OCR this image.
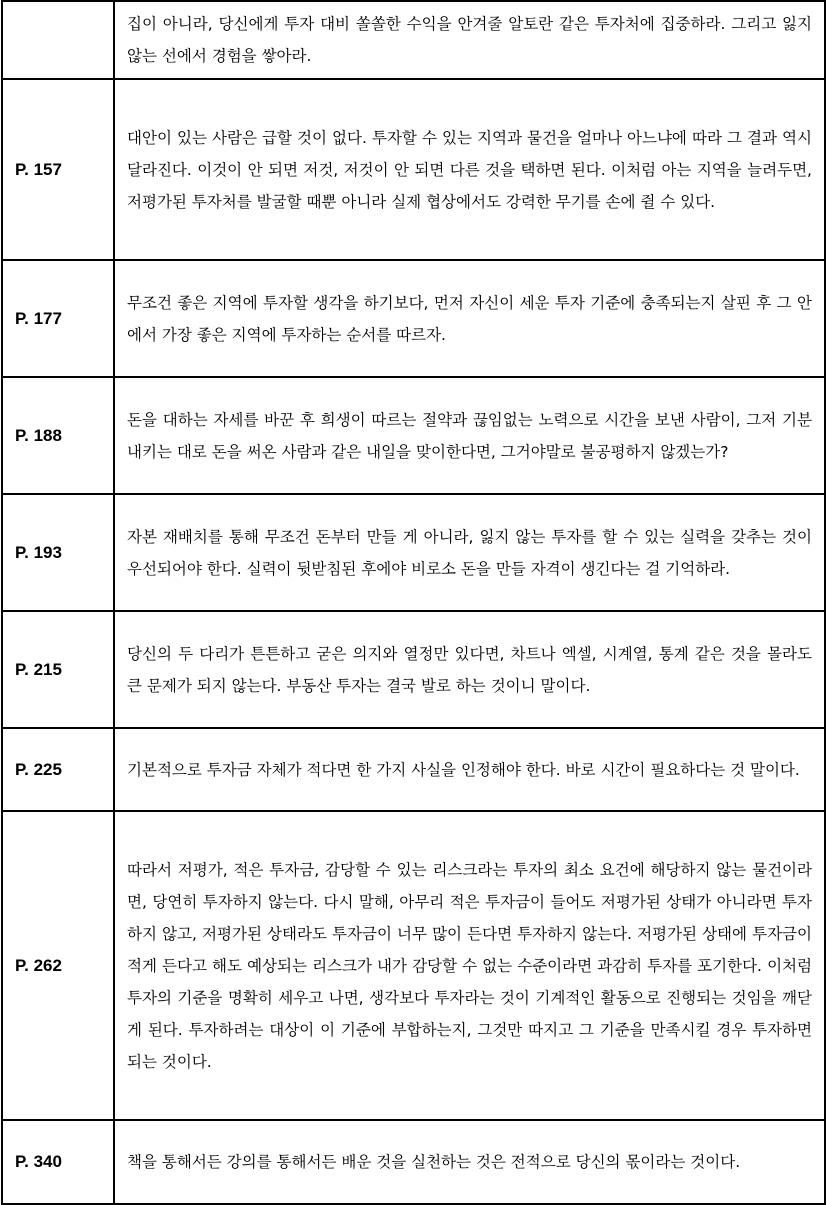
	집이 아니라, 당신에게 투자 대비 쏠쏠한 수익을 안겨줄 알토란 같은 투자처에 집중하라. 그리고 잃지 않는 선에서 경험을 쌓아라.
P. 157	대안이 있는 사람은 급할 것이 없다. 투자할 수 있는 지역과 물건을 얼마나 아느냐에 따라 그 결과 역시 달라진다. 이것이 안 되면 저것, 저것이 안 되면 다른 것을 택하면 된다. 이처럼 아는 지역을 늘려두면, 저평가된 투자처를 발굴할 때뿐 아니라 실제 협상에서도 강력한 무기를 손에 쥘 수 있다.
P. 177	무조건 좋은 지역에 투자할 생각을 하기보다, 먼저 자신이 세운 투자 기준에 충족되는지 살핀 후 그 안에서 가장 좋은 지역에 투자하는 순서를 따르자.
P. 188	돈을 대하는 자세를 바꾼 후 희생이 따르는 절약과 끊임없는 노력으로 시간을 보낸 사람이, 그저 기분 내키는 대로 돈을 써온 사람과 같은 내일을 맞이한다면, 그거야말로 불공평하지 않겠는가?
P. 193	자본 재배치를 통해 무조건 돈부터 만들 게 아니라, 잃지 않는 투자를 할 수 있는 실력을 갖추는 것이 우선되어야 한다. 실력이 뒷받침된 후에야 비로소 돈을 만들 자격이 생긴다는 걸 기억하라.
P. 215	당신의 두 다리가 튼튼하고 굳은 의지와 열정만 있다면, 차트나 엑셀, 시계열, 통계 같은 것을 몰라도 큰 문제가 되지 않는다. 부동산 투자는 결국 발로 하는 것이니 말이다.
P. 225	기본적으로 투자금 자체가 적다면 한 가지 사실을 인정해야 한다. 바로 시간이 필요하다는 것 말이다.
P. 262	따라서 저평가, 적은 투자금, 감당할 수 있는 리스크라는 투자의 최소 요건에 해당하지 않는 물건이라면, 당연히 투자하지 않는다. 다시 말해, 아무리 적은 투자금이 들어도 저평가된 상태가 아니라면 투자하지 않고, 저평가된 상태라도 투자금이 너무 많이 든다면 투자하지 않는다. 저평가된 상태에 투자금이 적게 든다고 해도 예상되는 리스크가 내가 감당할 수 없는 수준이라면 과감히 투자를 포기한다. 이처럼 투자의 기준을 명확히 세우고 나면, 생각보다 투자라는 것이 기계적인 활동으로 진행되는 것임을 깨닫게 된다. 투자하려는 대상이 이 기준에 부합하는지, 그것만 따지고 그 기준을 만족시킬 경우 투자하면 되는 것이다.
P. 340	책을 통해서든 강의를 통해서든 배운 것을 실천하는 것은 전적으로 당신의 몫이라는 것이다.
